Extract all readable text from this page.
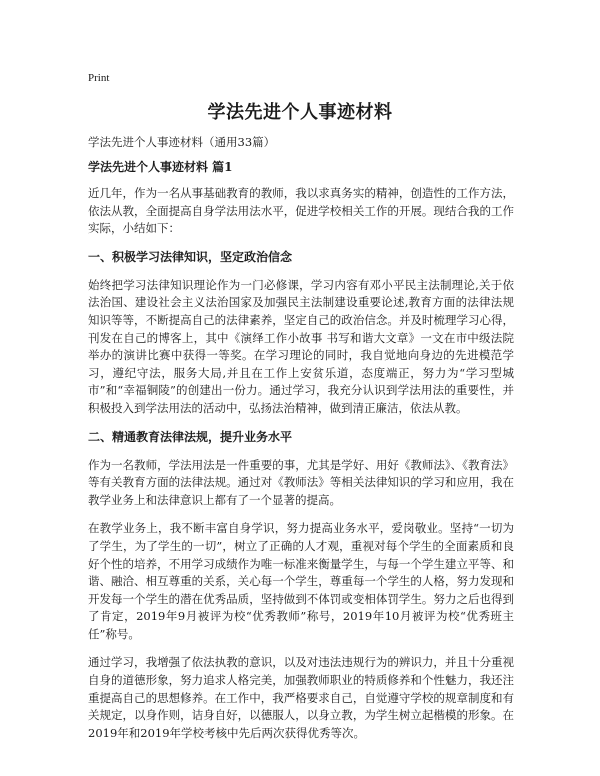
Print
学法先进个人事迹材料
学法先进个人事迹材料（通用33篇）
学法先进个人事迹材料 篇1

近几年，作为一名从事基础教育的教师，我以求真务实的精神，创造性的工作方法，依法从教，全面提高自身学法用法水平，促进学校相关工作的开展。现结合我的工作实际，小结如下：

一、积极学习法律知识，坚定政治信念

始终把学习法律知识理论作为一门必修课，学习内容有邓小平民主法制理论,关于依法治国、建设社会主义法治国家及加强民主法制建设重要论述,教育方面的法律法规知识等等，不断提高自己的法律素养，坚定自己的政治信念。并及时梳理学习心得，刊发在自己的博客上，其中《演绎工作小故事 书写和谐大文章》一文在市中级法院举办的演讲比赛中获得一等奖。在学习理论的同时，我自觉地向身边的先进模范学习，遵纪守法，服务大局,并且在工作上安贫乐道，态度端正，努力为“学习型城市”和“幸福铜陵”的创建出一份力。通过学习，我充分认识到学法用法的重要性，并积极投入到学法用法的活动中，弘扬法治精神，做到清正廉洁，依法从教。

二、精通教育法律法规，提升业务水平

作为一名教师，学法用法是一件重要的事，尤其是学好、用好《教师法》、《教育法》等有关教育方面的法律法规。通过对《教师法》等相关法律知识的学习和应用，我在教学业务上和法律意识上都有了一个显著的提高。

在教学业务上，我不断丰富自身学识，努力提高业务水平，爱岗敬业。坚持“一切为了学生，为了学生的一切”，树立了正确的人才观，重视对每个学生的全面素质和良好个性的培养，不用学习成绩作为唯一标准来衡量学生，与每一个学生建立平等、和谐、融洽、相互尊重的关系，关心每一个学生，尊重每一个学生的人格，努力发现和开发每一个学生的潜在优秀品质，坚持做到不体罚或变相体罚学生。努力之后也得到了肯定，2019年9月被评为校“优秀教师”称号，2019年10月被评为校“优秀班主任”称号。

通过学习，我增强了依法执教的意识，以及对违法违规行为的辨识力，并且十分重视自身的道德形象，努力追求人格完美，加强教师职业的特质修养和个性魅力，我还注重提高自己的思想修养。在工作中，我严格要求自己，自觉遵守学校的规章制度和有关规定，以身作则，诘身自好，以德服人，以身立教，为学生树立起楷模的形象。在2019年和2019年学校考核中先后两次获得优秀等次。
